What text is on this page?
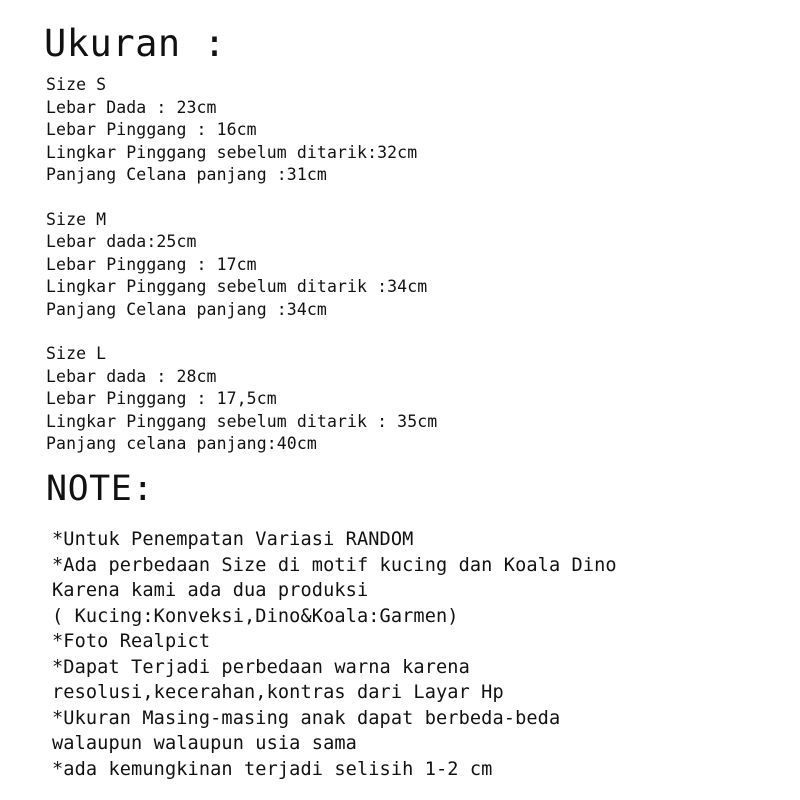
Ukuran :
Size S
Lebar Dada : 23cm
Lebar Pinggang : 16cm
Lingkar Pinggang sebelum ditarik:32cm
Panjang Celana panjang :31cm
Size M
Lebar dada:25cm
Lebar Pinggang : 17cm
Lingkar Pinggang sebelum ditarik :34cm
Panjang Celana panjang :34cm
Size L
Lebar dada : 28cm
Lebar Pinggang : 17,5cm
Lingkar Pinggang sebelum ditarik : 35cm
Panjang celana panjang:40cm
NOTE:
*Untuk Penempatan Variasi RANDOM
*Ada perbedaan Size di motif kucing dan Koala Dino
Karena kami ada dua produksi
( Kucing:Konveksi,Dino&Koala:Garmen)
*Foto Realpict
*Dapat Terjadi perbedaan warna karena
resolusi,kecerahan,kontras dari Layar Hp
*Ukuran Masing-masing anak dapat berbeda-beda
walaupun walaupun usia sama
*ada kemungkinan terjadi selisih 1-2 cm
